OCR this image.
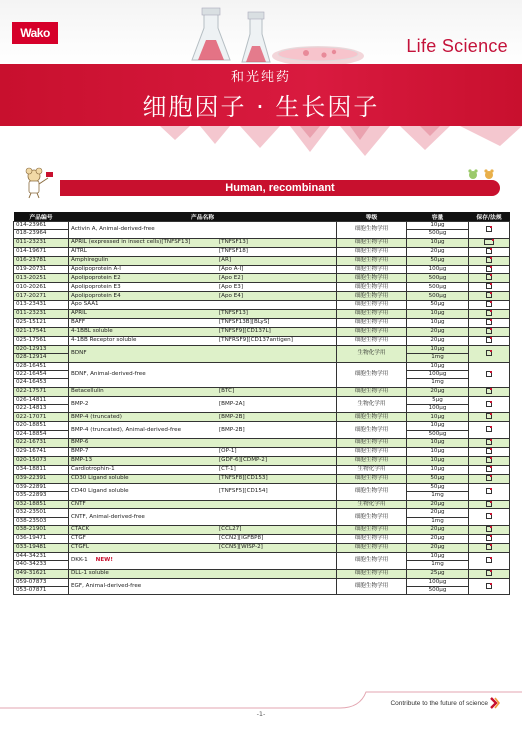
Wako
Life Science
和光纯药
细胞因子 · 生长因子
Human, recombinant
产品编号	产品名称	等级	容量	保存/法规
014-23961	Activin A, Animal-derived-free	细胞生物学用	10μg	
018-23964			500μg	
011-23231	APRIL (expressed in insect cells)[TNFSF13] [TNFSF13]	细胞生物学用	10μg	
014-19671	AITRL [TNFSF18]	细胞生物学用	20μg	
016-23781	Amphiregulin [AR]	细胞生物学用	50μg	
019-20731	Apolipoprotein A-I [Apo A-I]	细胞生物学用	100μg	
013-20251	Apolipoprotein E2 [Apo E2]	细胞生物学用	500μg	
010-20261	Apolipoprotein E3 [Apo E3]	细胞生物学用	500μg	
017-20271	Apolipoprotein E4 [Apo E4]	细胞生物学用	500μg	
013-23431	Apo SAA1	细胞生物学用	50μg	
011-23231	APRIL [TNFSF13]	细胞生物学用	10μg	
025-15121	BAFF [TNFSF13B][BLyS]	细胞生物学用	10μg	
021-17541	4-1BBL soluble [TNFSF9][CD137L]	细胞生物学用	20μg	
025-17561	4-1BB Receptor soluble [TNFRSF9][CD137antigen]	细胞生物学用	20μg	
020-12913	BDNF	生物化学用	10μg	
028-12914			1mg	
028-16451	BDNF, Animal-derived-free	细胞生物学用	10μg	
022-16454			100μg	
024-16453			1mg	
022-17571	Betacellulin [BTC]	细胞生物学用	20μg	
026-14811	BMP-2 [BMP-2A]	生物化学用	5μg	
022-14813			100μg	
022-17071	BMP-4 (truncated) [BMP-2B]	细胞生物学用	10μg	
020-18851	BMP-4 (truncated), Animal-derived-free [BMP-2B]	细胞生物学用	10μg	
024-18854			500μg	
022-16731	BMP-6	细胞生物学用	10μg	
029-16741	BMP-7 [OP-1]	细胞生物学用	10μg	
020-15073	BMP-13 [GDF-6][CDMP-2]	细胞生物学用	10μg	
034-18811	Cardiotrophin-1 [CT-1]	生物化学用	10μg	
039-22391	CD30 Ligand soluble [TNFSF8][CD153]	细胞生物学用	50μg	
039-22891	CD40 Ligand soluble [TNFSF5][CD154]	细胞生物学用	50μg	
035-22893			1mg	
032-18851	CNTF	生物化学用	20μg	
032-23501	CNTF, Animal-derived-free	细胞生物学用	20μg	
038-23503			1mg	
038-21901	CTACK [CCL27]	细胞生物学用	20μg	
036-19471	CTGF [CCN2][IGFBP8]	细胞生物学用	20μg	
033-19481	CTGFL [CCN5][WISP-2]	细胞生物学用	20μg	
044-34231	DKK-1 NEW!	细胞生物学用	10μg	
040-34233			1mg	
049-31621	DLL-1 soluble	细胞生物学用	25μg	
059-07873	EGF, Animal-derived-free	细胞生物学用	100μg	
053-07871			500μg	
Contribute to the future of science
-1-
